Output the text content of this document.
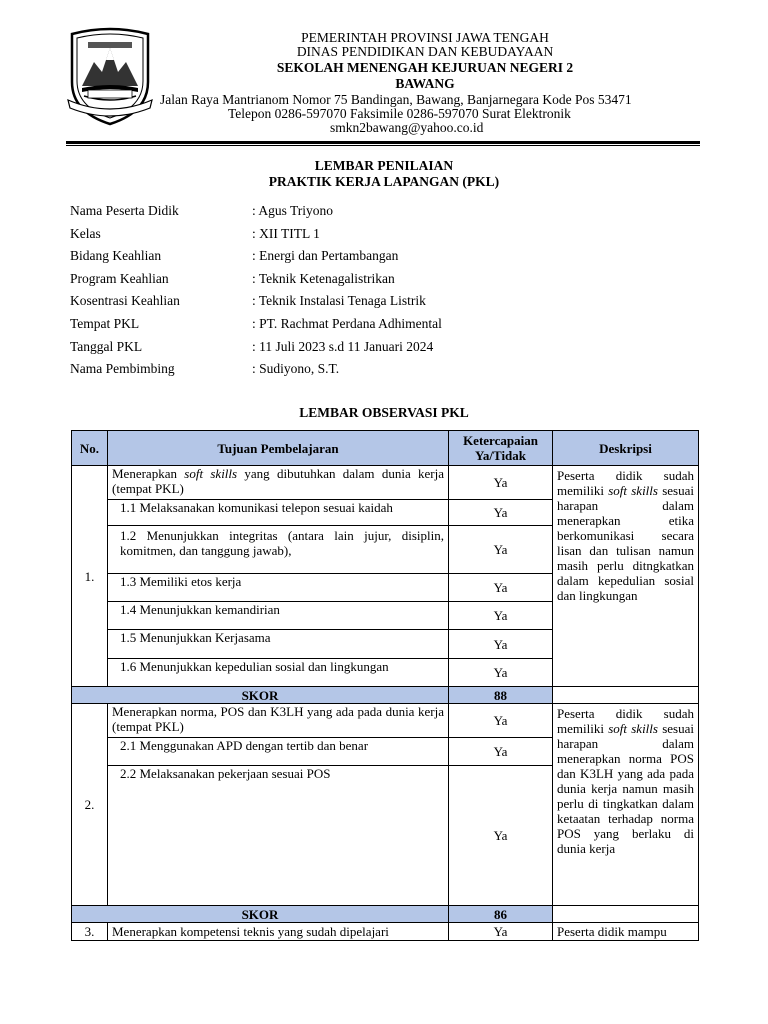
PEMERINTAH PROVINSI JAWA TENGAH
DINAS PENDIDIKAN DAN KEBUDAYAAN
SEKOLAH MENENGAH KEJURUAN NEGERI 2
BAWANG
Jalan Raya Mantrianom Nomor 75 Bandingan, Bawang, Banjarnegara Kode Pos 53471
Telepon 0286-597070 Faksimile 0286-597070 Surat Elektronik
smkn2bawang@yahoo.co.id
LEMBAR PENILAIAN
PRAKTIK KERJA LAPANGAN (PKL)
Nama Peserta Didik	: Agus Triyono
Kelas	: XII TITL 1
Bidang Keahlian	: Energi dan Pertambangan
Program Keahlian	: Teknik Ketenagalistrikan
Kosentrasi Keahlian	: Teknik Instalasi Tenaga Listrik
Tempat PKL	: PT. Rachmat Perdana Adhimental
Tanggal PKL	: 11 Juli 2023 s.d 11 Januari 2024
Nama Pembimbing	: Sudiyono, S.T.
LEMBAR OBSERVASI PKL
No.	Tujuan Pembelajaran	Ketercapaian Ya/Tidak	Deskripsi
1.	Menerapkan soft skills yang dibutuhkan dalam dunia kerja (tempat PKL)	Ya	Peserta didik sudah memiliki soft skills sesuai harapan dalam menerapkan etika berkomunikasi secara lisan dan tulisan namun masih perlu ditngkatkan dalam kepedulian sosial dan lingkungan
	1.1 Melaksanakan komunikasi telepon sesuai kaidah	Ya	

	1.2 Menunjukkan integritas (antara lain jujur, disiplin, komitmen, dan tanggung jawab),	Ya	
	1.3 Memiliki etos kerja	Ya	
	1.4 Menunjukkan kemandirian	Ya	
	1.5 Menunjukkan Kerjasama	Ya	
	1.6 Menunjukkan kepedulian sosial dan lingkungan	Ya	
SKOR		88	
2.	Menerapkan norma, POS dan K3LH yang ada pada dunia kerja (tempat PKL)	Ya	Peserta didik sudah memiliki soft skills sesuai harapan dalam menerapkan norma POS dan K3LH yang ada pada dunia kerja namun masih perlu di tingkatkan dalam ketaatan terhadap norma POS yang berlaku di dunia kerja
	2.1 Menggunakan APD dengan tertib dan benar	Ya	
	2.2 Melaksanakan pekerjaan sesuai POS	Ya	
SKOR		86	
3.	Menerapkan kompetensi teknis yang sudah dipelajari	Ya	Peserta didik mampu
